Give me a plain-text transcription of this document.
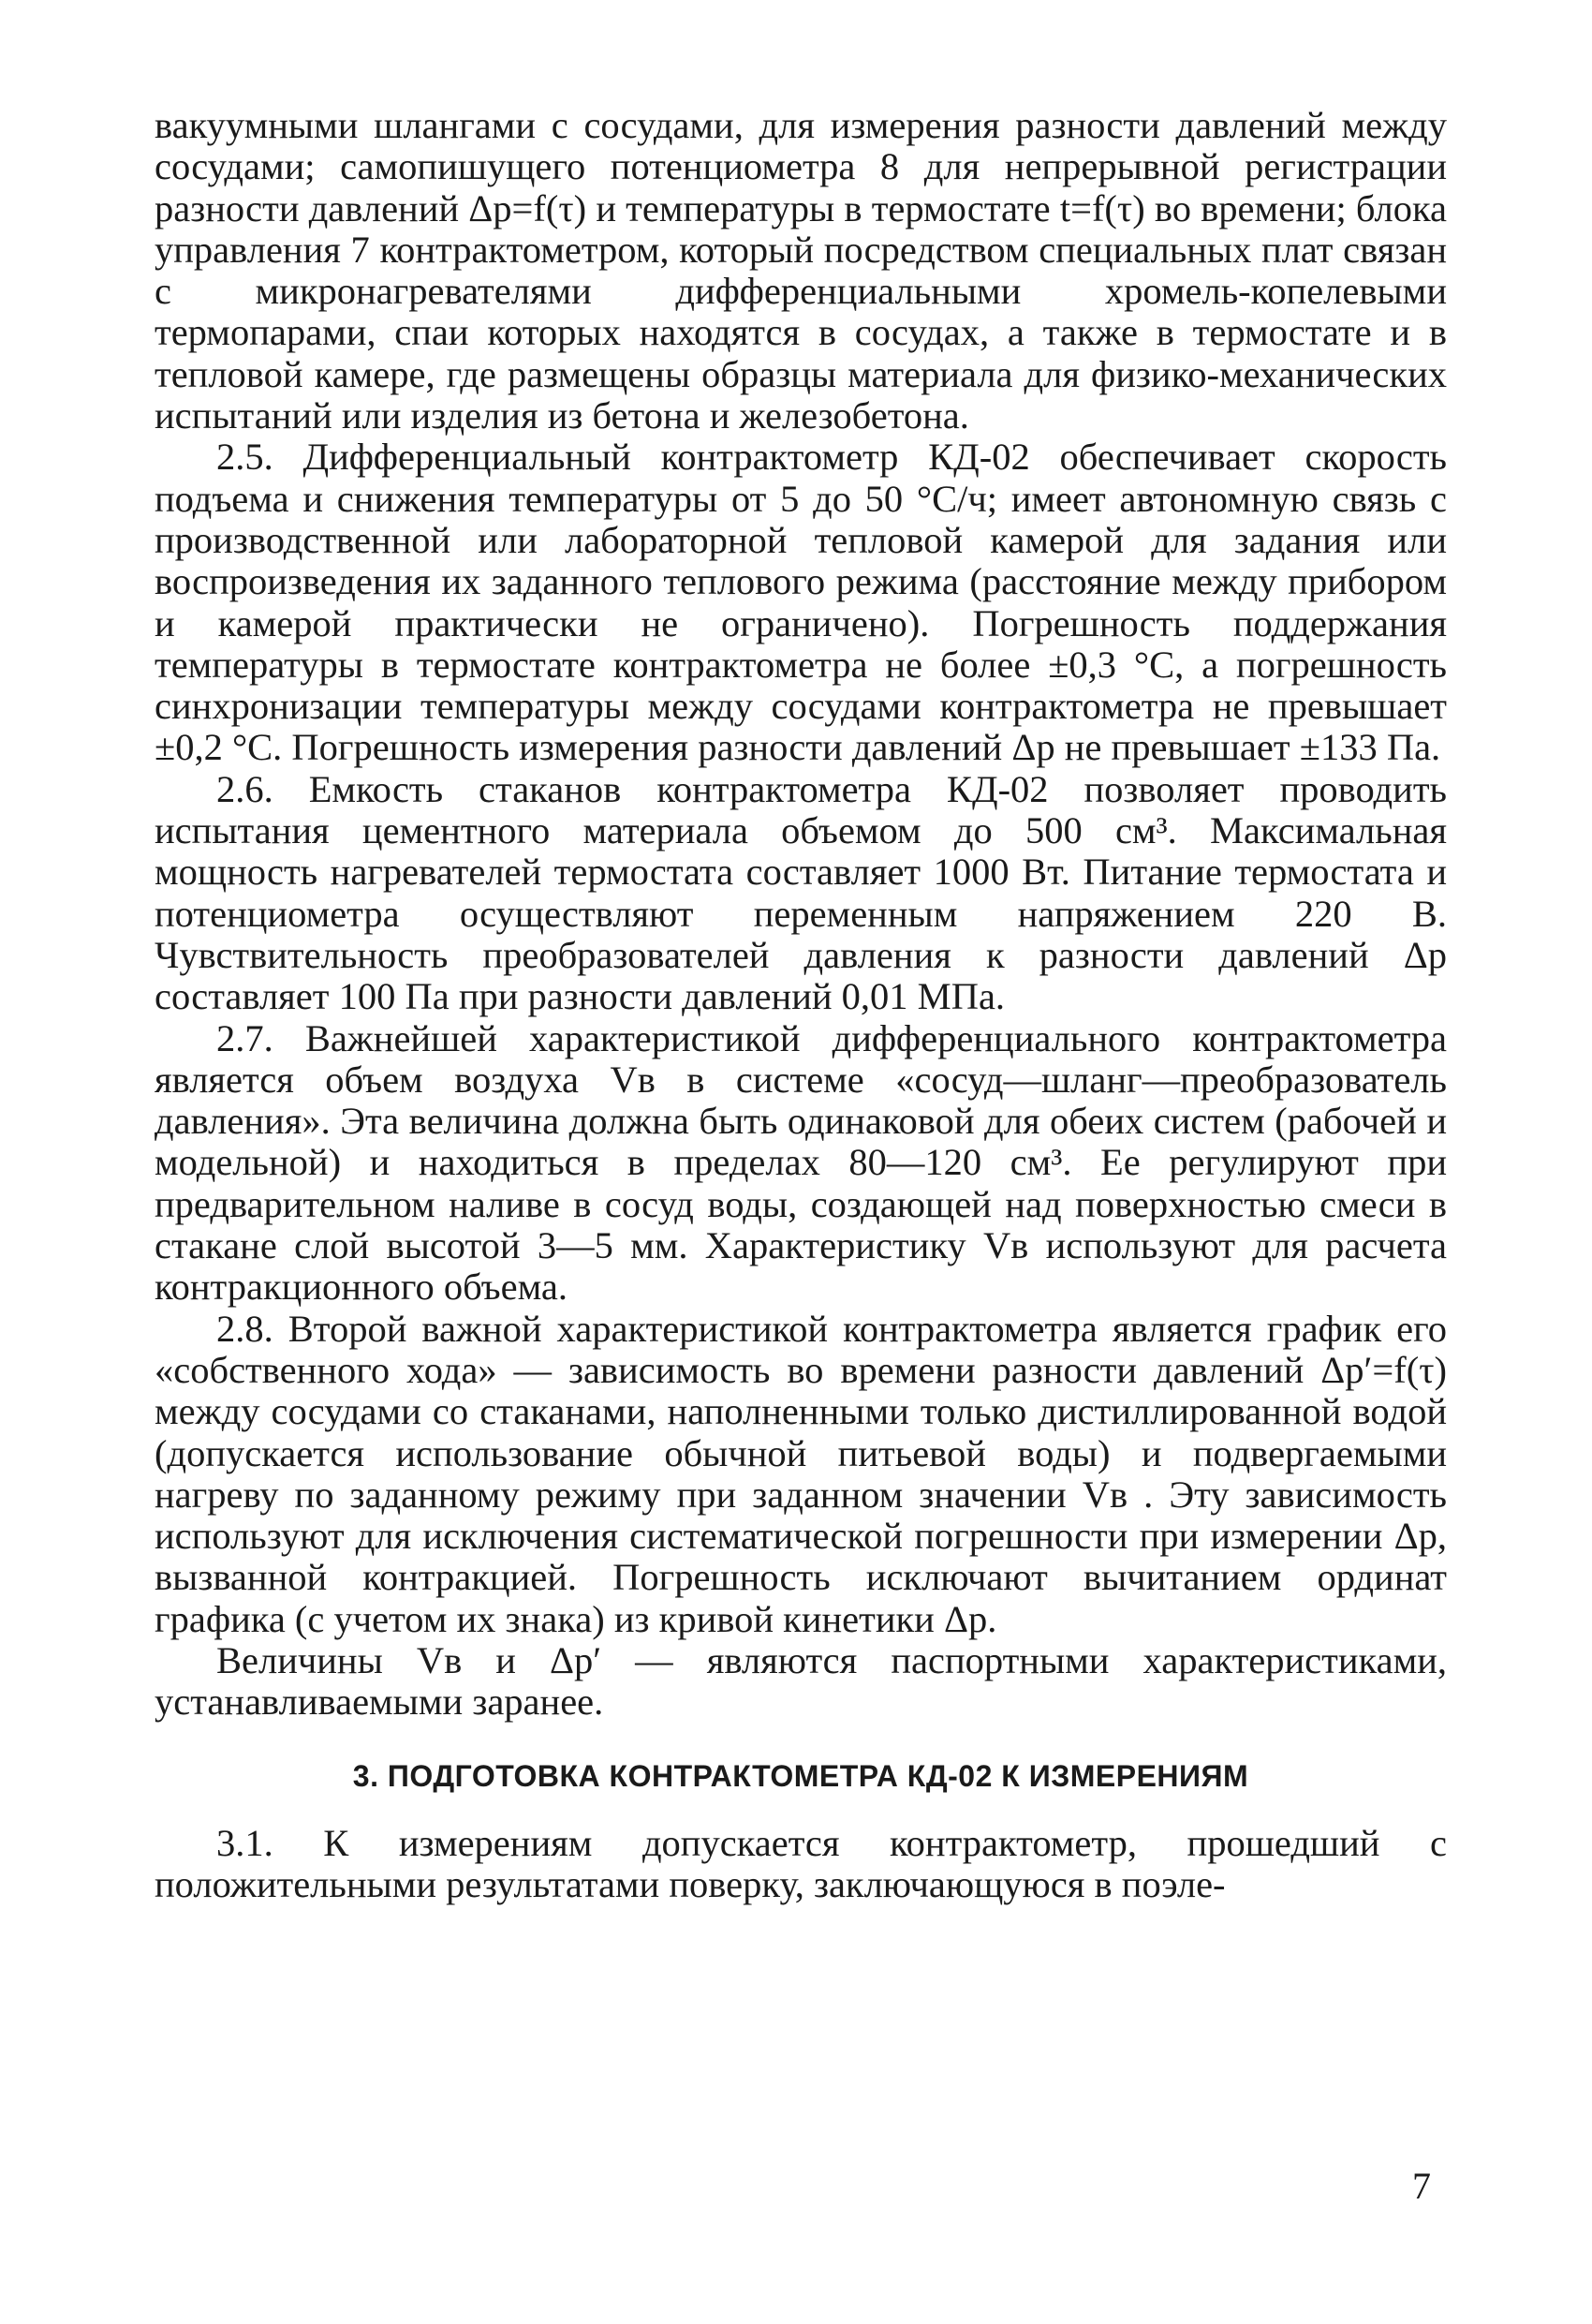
вакуумными шлангами с сосудами, для измерения разности давлений между сосудами; самопишущего потенциометра 8 для непрерывной регистрации разности давлений Δp=f(τ) и температуры в термостате t=f(τ) во времени; блока управления 7 контрактометром, который посредством специальных плат связан с микронагревателями дифференциальными хромель-копелевыми термопарами, спаи которых находятся в сосудах, а также в термостате и в тепловой камере, где размещены образцы материала для физико-механических испытаний или изделия из бетона и железобетона.

2.5. Дифференциальный контрактометр КД-02 обеспечивает скорость подъема и снижения температуры от 5 до 50 °С/ч; имеет автономную связь с производственной или лабораторной тепловой камерой для задания или воспроизведения их заданного теплового режима (расстояние между прибором и камерой практически не ограничено). Погрешность поддержания температуры в термостате контрактометра не более ±0,3 °С, а погрешность синхронизации температуры между сосудами контрактометра не превышает ±0,2 °С. Погрешность измерения разности давлений Δp не превышает ±133 Па.

2.6. Емкость стаканов контрактометра КД-02 позволяет проводить испытания цементного материала объемом до 500 см³. Максимальная мощность нагревателей термостата составляет 1000 Вт. Питание термостата и потенциометра осуществляют переменным напряжением 220 В. Чувствительность преобразователей давления к разности давлений Δp составляет 100 Па при разности давлений 0,01 МПа.

2.7. Важнейшей характеристикой дифференциального контрактометра является объем воздуха Vв в системе «сосуд—шланг—преобразователь давления». Эта величина должна быть одинаковой для обеих систем (рабочей и модельной) и находиться в пределах 80—120 см³. Ее регулируют при предварительном наливе в сосуд воды, создающей над поверхностью смеси в стакане слой высотой 3—5 мм. Характеристику Vв используют для расчета контракционного объема.

2.8. Второй важной характеристикой контрактометра является график его «собственного хода» — зависимость во времени разности давлений Δp′=f(τ) между сосудами со стаканами, наполненными только дистиллированной водой (допускается использование обычной питьевой воды) и подвергаемыми нагреву по заданному режиму при заданном значении Vв . Эту зависимость используют для исключения систематической погрешности при измерении Δp, вызванной контракцией. Погрешность исключают вычитанием ординат графика (с учетом их знака) из кривой кинетики Δp.

Величины Vв и Δp′ — являются паспортными характеристиками, устанавливаемыми заранее.

3. ПОДГОТОВКА КОНТРАКТОМЕТРА КД-02 К ИЗМЕРЕНИЯМ

3.1. К измерениям допускается контрактометр, прошедший с положительными результатами поверку, заключающуюся в поэле-

7
